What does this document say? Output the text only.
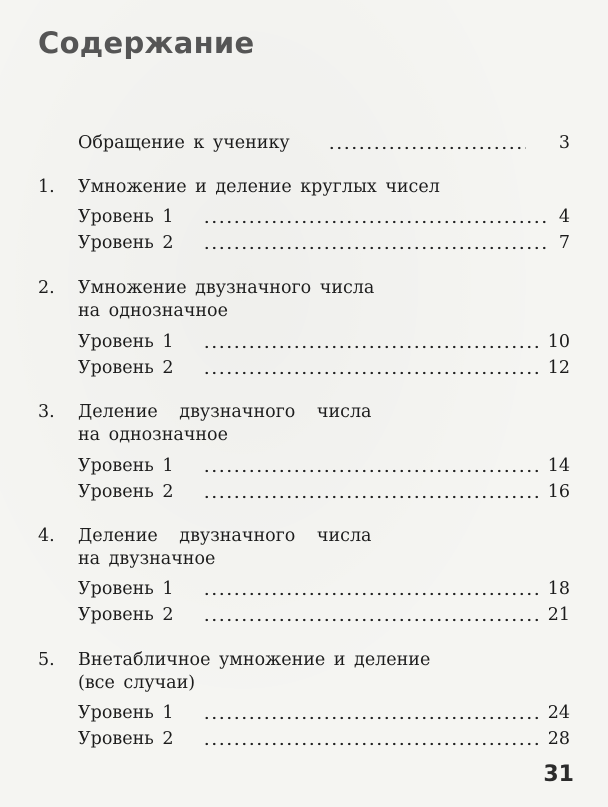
Содержание
Обращение к ученику	3
1. Умножение и деление круглых чисел
Уровень 1	4
Уровень 2	7
2. Умножение двузначного числа
на однозначное
Уровень 1	10
Уровень 2	12
3. Деление двузначного числа
на однозначное
Уровень 1	14
Уровень 2	16
4. Деление двузначного числа
на двузначное
Уровень 1	18
Уровень 2	21
5. Внетабличное умножение и деление
(все случаи)
Уровень 1	24
Уровень 2	28
31
